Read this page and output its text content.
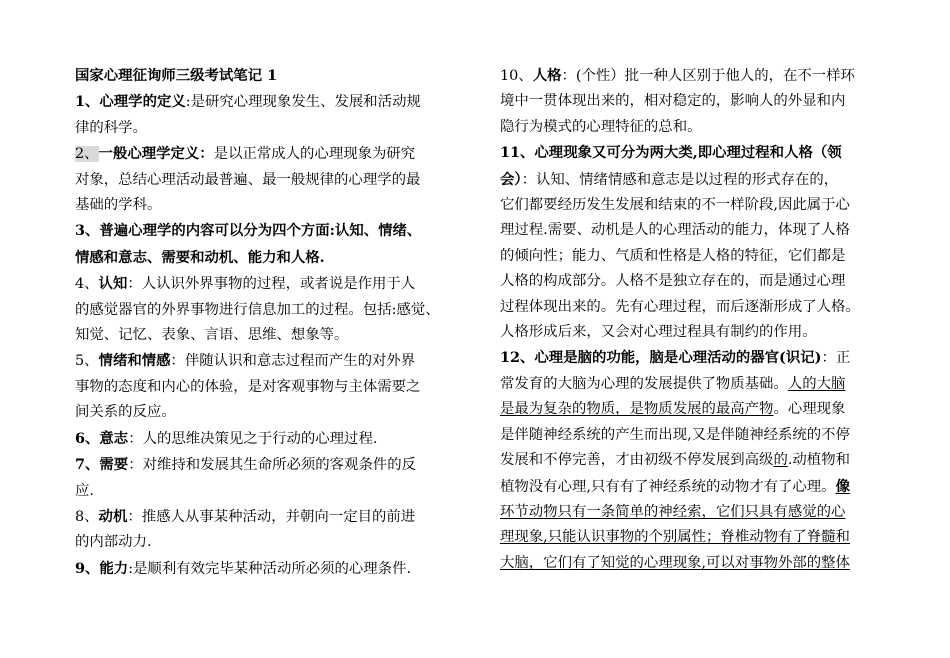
国家心理征询师三级考试笔记 1
1、心理学的定义:是研究心理现象发生、发展和活动规
律的科学。
2、一般心理学定义：是以正常成人的心理现象为研究
对象，总结心理活动最普遍、最一般规律的心理学的最
基础的学科。
3、普遍心理学的内容可以分为四个方面:认知、情绪、
情感和意志、需要和动机、能力和人格.
4、认知：人认识外界事物的过程，或者说是作用于人
的感觉器官的外界事物进行信息加工的过程。包括:感觉、
知觉、记忆、表象、言语、思维、想象等。
5、情绪和情感：伴随认识和意志过程而产生的对外界
事物的态度和内心的体验，是对客观事物与主体需要之
间关系的反应。
6、意志：人的思维决策见之于行动的心理过程.
7、需要：对维持和发展其生命所必须的客观条件的反
应.
8、动机：推感人从事某种活动，并朝向一定目的前进
的内部动力.
9、能力:是顺利有效完毕某种活动所必须的心理条件.
10、人格：(个性）批一种人区别于他人的，在不一样环
境中一贯体现出来的，相对稳定的，影响人的外显和内
隐行为模式的心理特征的总和。
11、心理现象又可分为两大类,即心理过程和人格（领
会）：认知、情绪情感和意志是以过程的形式存在的，
它们都要经历发生发展和结束的不一样阶段,因此属于心
理过程.需要、动机是人的心理活动的能力，体现了人格
的倾向性；能力、气质和性格是人格的特征，它们都是
人格的构成部分。人格不是独立存在的，而是通过心理
过程体现出来的。先有心理过程，而后逐渐形成了人格。
人格形成后来，又会对心理过程具有制约的作用。
12、心理是脑的功能，脑是心理活动的器官(识记)：正
常发育的大脑为心理的发展提供了物质基础。人的大脑
是最为复杂的物质，是物质发展的最高产物。心理现象
是伴随神经系统的产生而出现,又是伴随神经系统的不停
发展和不停完善，才由初级不停发展到高级的.动植物和
植物没有心理,只有有了神经系统的动物才有了心理。像
环节动物只有一条简单的神经索，它们只具有感觉的心
理现象,只能认识事物的个别属性；脊椎动物有了脊髓和
大脑，它们有了知觉的心理现象,可以对事物外部的整体
